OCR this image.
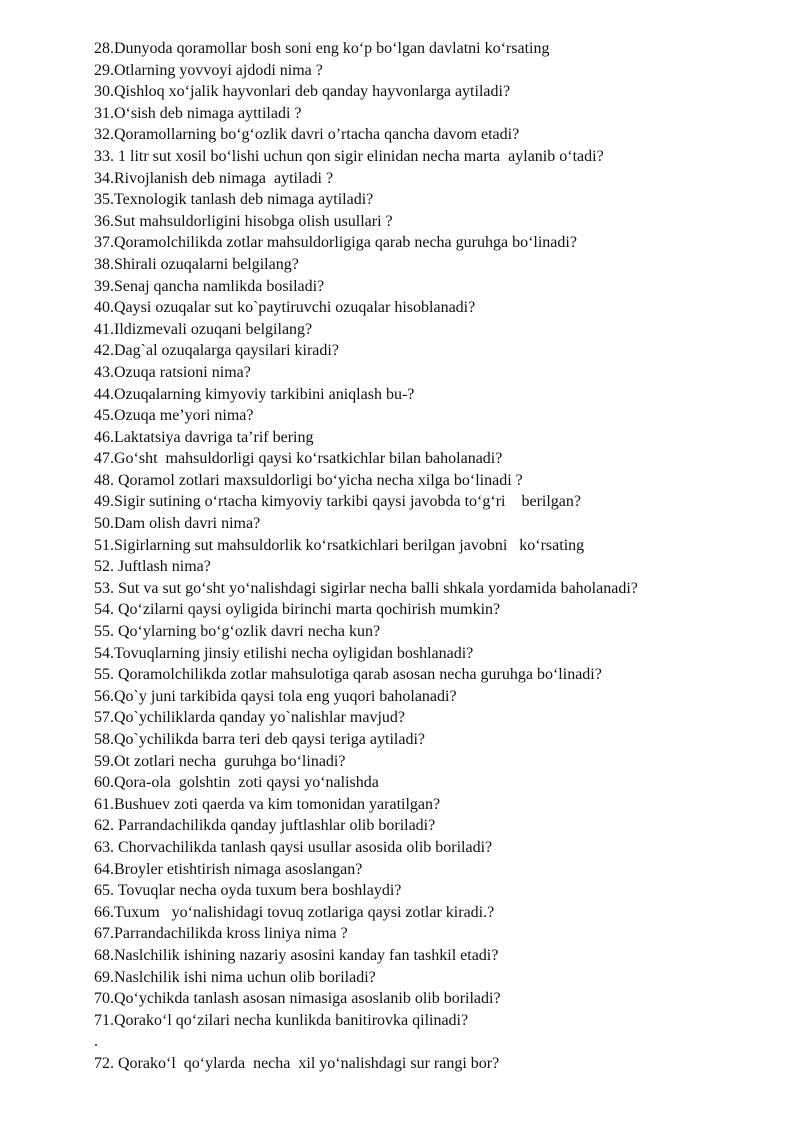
28.Dunyoda qoramollar bosh soni eng ko‘p bo‘lgan davlatni ko‘rsating
29.Otlarning yovvoyi ajdodi nima ?
30.Qishloq xo‘jalik hayvonlari deb qanday hayvonlarga aytiladi?
31.O‘sish deb nimaga ayttiladi ?
32.Qoramollarning bo‘g‘ozlik davri o’rtacha qancha davom etadi?
33. 1 litr sut xosil bo‘lishi uchun qon sigir elinidan necha marta  aylanib o‘tadi?
34.Rivojlanish deb nimaga  aytiladi ?
35.Texnologik tanlash deb nimaga aytiladi?
36.Sut mahsuldorligini hisobga olish usullari ?
37.Qoramolchilikda zotlar mahsuldorligiga qarab necha guruhga bo‘linadi?
38.Shirali ozuqalarni belgilang?
39.Senaj qancha namlikda bosiladi?
40.Qaysi ozuqalar sut ko`paytiruvchi ozuqalar hisoblanadi?
41.Ildizmevali ozuqani belgilang?
42.Dag`al ozuqalarga qaysilari kiradi?
43.Ozuqa ratsioni nima?
44.Ozuqalarning kimyoviy tarkibini aniqlash bu-?
45.Ozuqa me’yori nima?
46.Laktatsiya davriga ta’rif bering
47.Go‘sht  mahsuldorligi qaysi ko‘rsatkichlar bilan baholanadi?
48. Qoramol zotlari maxsuldorligi bo‘yicha necha xilga bo‘linadi ?
49.Sigir sutining o‘rtacha kimyoviy tarkibi qaysi javobda to‘g‘ri    berilgan?
50.Dam olish davri nima?
51.Sigirlarning sut mahsuldorlik ko‘rsatkichlari berilgan javobni   ko‘rsating
52. Juftlash nima?
53. Sut va sut go‘sht yo‘nalishdagi sigirlar necha balli shkala yordamida baholanadi?
54. Qo‘zilarni qaysi oyligida birinchi marta qochirish mumkin?
55. Qo‘ylarning bo‘g‘ozlik davri necha kun?
54.Tovuqlarning jinsiy etilishi necha oyligidan boshlanadi?
55. Qoramolchilikda zotlar mahsulotiga qarab asosan necha guruhga bo‘linadi?
56.Qo`y juni tarkibida qaysi tola eng yuqori baholanadi?
57.Qo`ychiliklarda qanday yo`nalishlar mavjud?
58.Qo`ychilikda barra teri deb qaysi teriga aytiladi?
59.Ot zotlari necha  guruhga bo‘linadi?
60.Qora-ola  golshtin  zoti qaysi yo‘nalishda
61.Bushuev zoti qaerda va kim tomonidan yaratilgan?
62. Parrandachilikda qanday juftlashlar olib boriladi?
63. Chorvachilikda tanlash qaysi usullar asosida olib boriladi?
64.Broyler etishtirish nimaga asoslangan?
65. Tovuqlar necha oyda tuxum bera boshlaydi?
66.Tuxum   yo‘nalishidagi tovuq zotlariga qaysi zotlar kiradi.?
67.Parrandachilikda kross liniya nima ?
68.Naslchilik ishining nazariy asosini kanday fan tashkil etadi?
69.Naslchilik ishi nima uchun olib boriladi?
70.Qo‘ychikda tanlash asosan nimasiga asoslanib olib boriladi?
71.Qorako‘l qo‘zilari necha kunlikda banitirovka qilinadi?
.
72. Qorako‘l  qo‘ylarda  necha  xil yo‘nalishdagi sur rangi bor?
